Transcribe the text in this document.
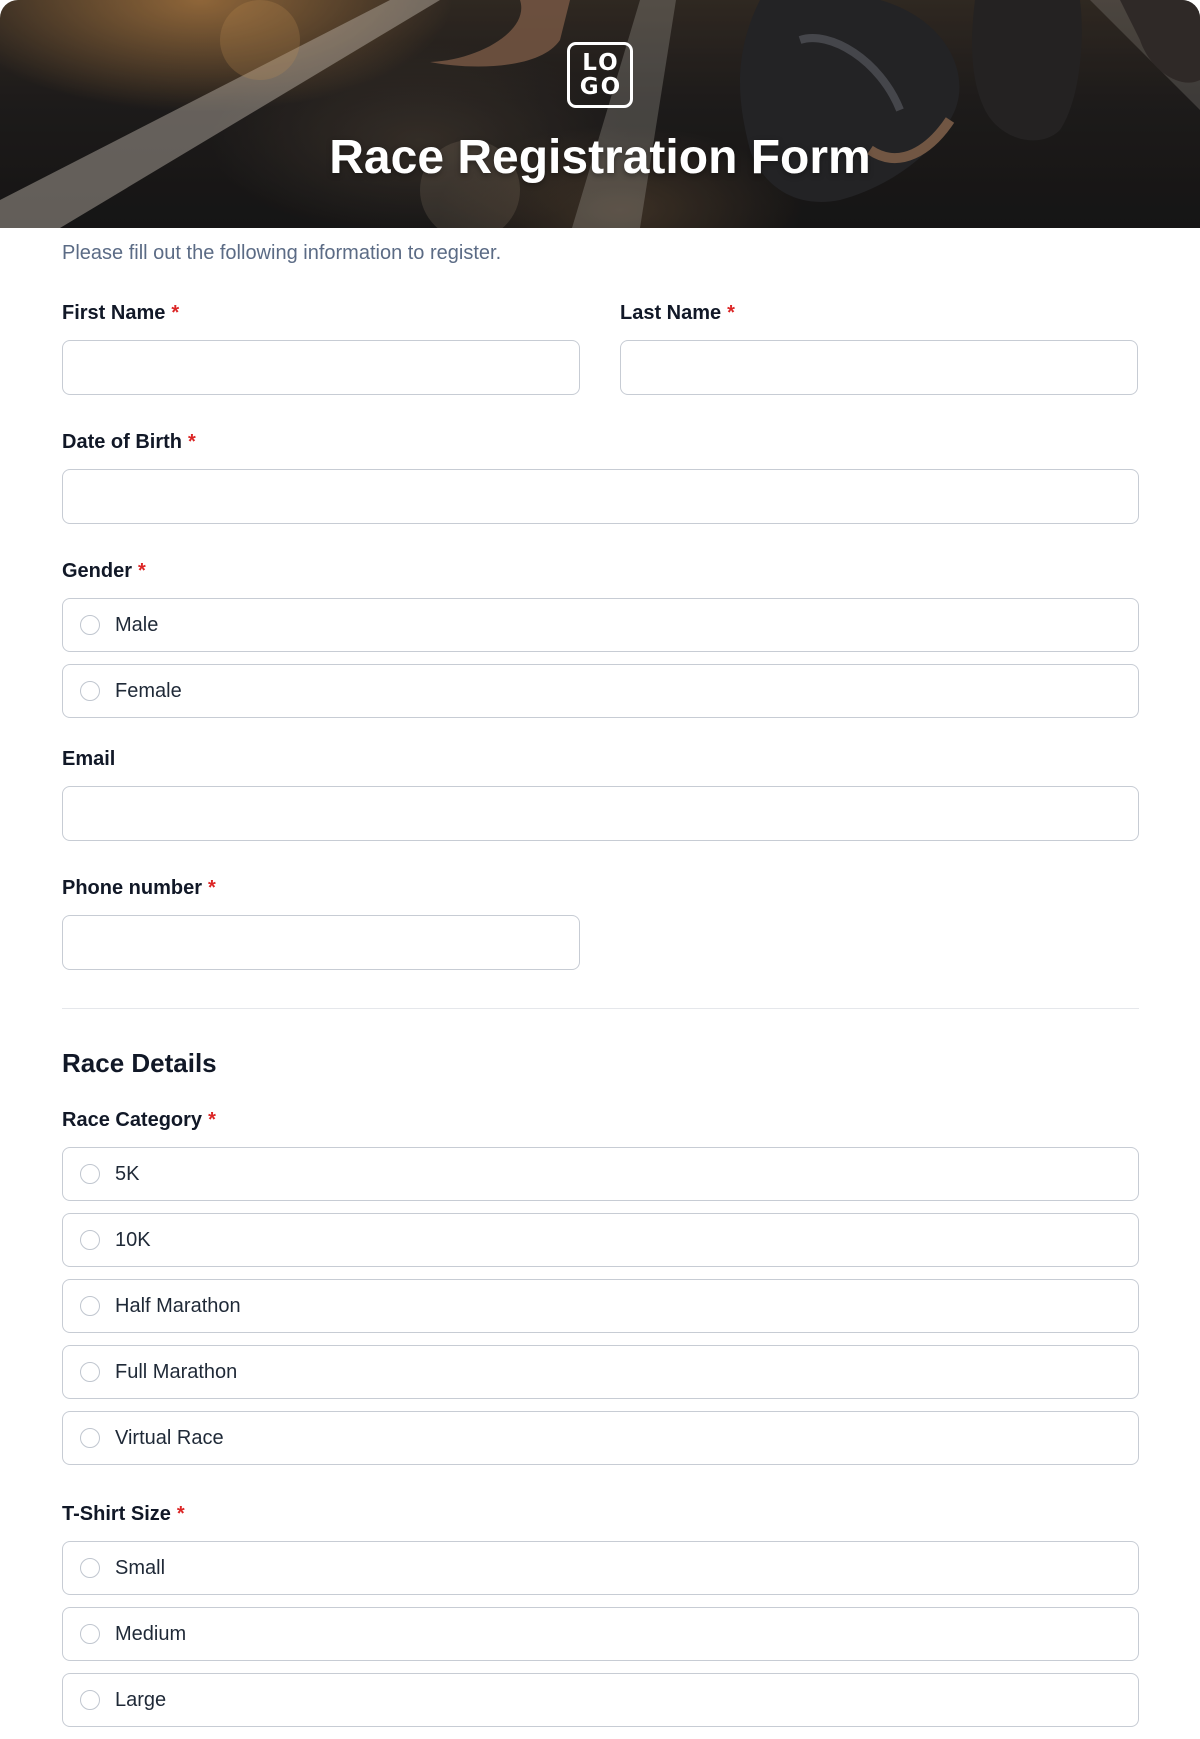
LO
GO
Race Registration Form
Please fill out the following information to register.
First Name *	Last Name *
Date of Birth *
Gender *
Male
Female
Email
Phone number *
Race Details
Race Category *
5K
10K
Half Marathon
Full Marathon
Virtual Race
T-Shirt Size *
Small
Medium
Large
